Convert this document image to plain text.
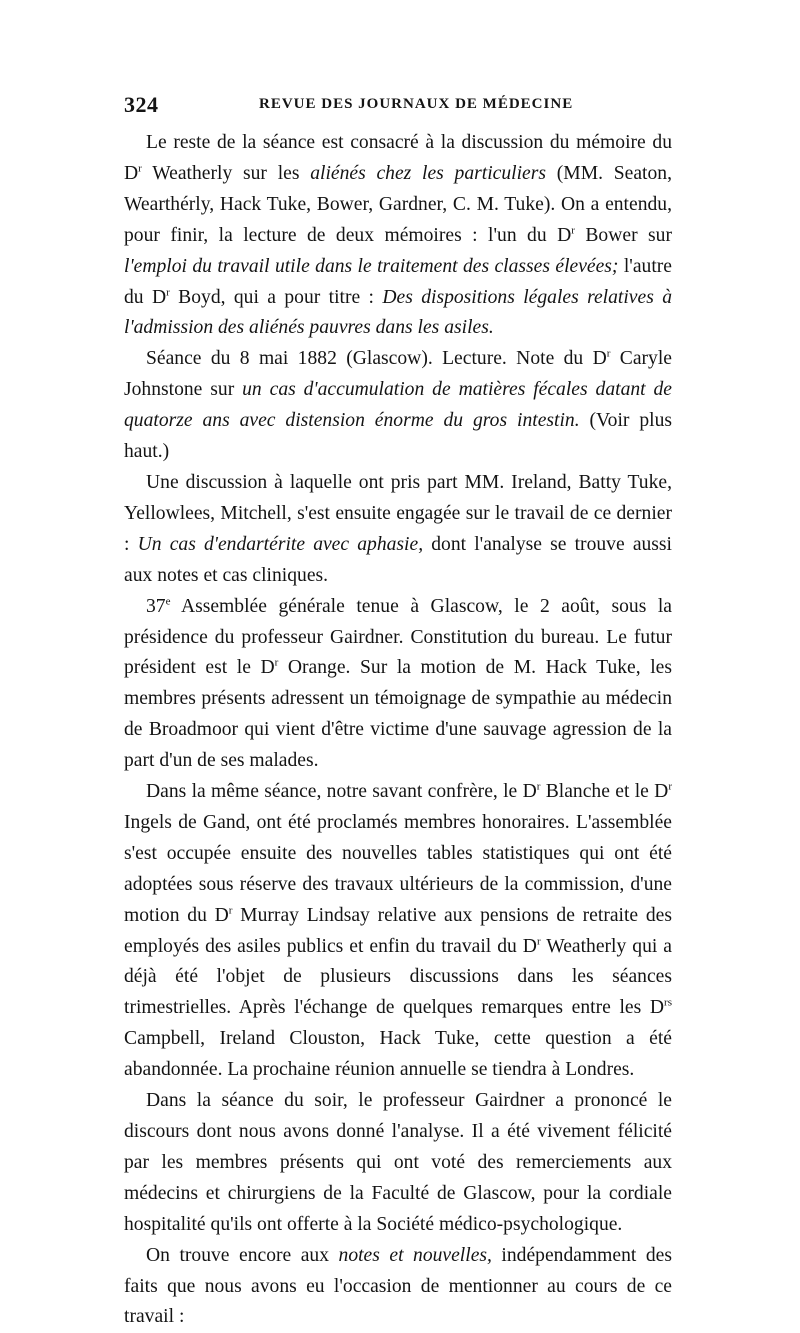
324	REVUE DES JOURNAUX DE MÉDECINE

Le reste de la séance est consacré à la discussion du mémoire du $D^r$ Weatherly sur les aliénés chez les particuliers (MM. Seaton, Wearthérly, Hack Tuke, Bower, Gardner, C. M. Tuke). On a entendu, pour finir, la lecture de deux mémoires : l'un du $D^r$ Bower sur l'emploi du travail utile dans le traitement des classes élevées; l'autre du $D^r$ Boyd, qui a pour titre : Des dispositions légales relatives à l'admission des aliénés pauvres dans les asiles.

Séance du 8 mai 1882 (Glascow). Lecture. Note du $D^r$ Caryle Johnstone sur un cas d'accumulation de matières fécales datant de quatorze ans avec distension énorme du gros intestin. (Voir plus haut.)

Une discussion à laquelle ont pris part MM. Ireland, Batty Tuke, Yellowlees, Mitchell, s'est ensuite engagée sur le travail de ce dernier : Un cas d'endartérite avec aphasie, dont l'analyse se trouve aussi aux notes et cas cliniques.

37e Assemblée générale tenue à Glascow, le 2 août, sous la présidence du professeur Gairdner. Constitution du bureau. Le futur président est le $D^r$ Orange. Sur la motion de M. Hack Tuke, les membres présents adressent un témoignage de sympathie au médecin de Broadmoor qui vient d'être victime d'une sauvage agression de la part d'un de ses malades.

Dans la même séance, notre savant confrère, le $D^r$ Blanche et le $D^r$ Ingels de Gand, ont été proclamés membres honoraires. L'assemblée s'est occupée ensuite des nouvelles tables statistiques qui ont été adoptées sous réserve des travaux ultérieurs de la commission, d'une motion du $D^r$ Murray Lindsay relative aux pensions de retraite des employés des asiles publics et enfin du travail du $D^r$ Weatherly qui a déjà été l'objet de plusieurs discussions dans les séances trimestrielles. Après l'échange de quelques remarques entre les $D^{rs}$ Campbell, Ireland Clouston, Hack Tuke, cette question a été abandonnée. La prochaine réunion annuelle se tiendra à Londres.

Dans la séance du soir, le professeur Gairdner a prononcé le discours dont nous avons donné l'analyse. Il a été vivement félicité par les membres présents qui ont voté des remerciements aux médecins et chirurgiens de la Faculté de Glascow, pour la cordiale hospitalité qu'ils ont offerte à la Société médico-psychologique.

On trouve encore aux notes et nouvelles, indépendamment des faits que nous avons eu l'occasion de mentionner au cours de ce travail :
